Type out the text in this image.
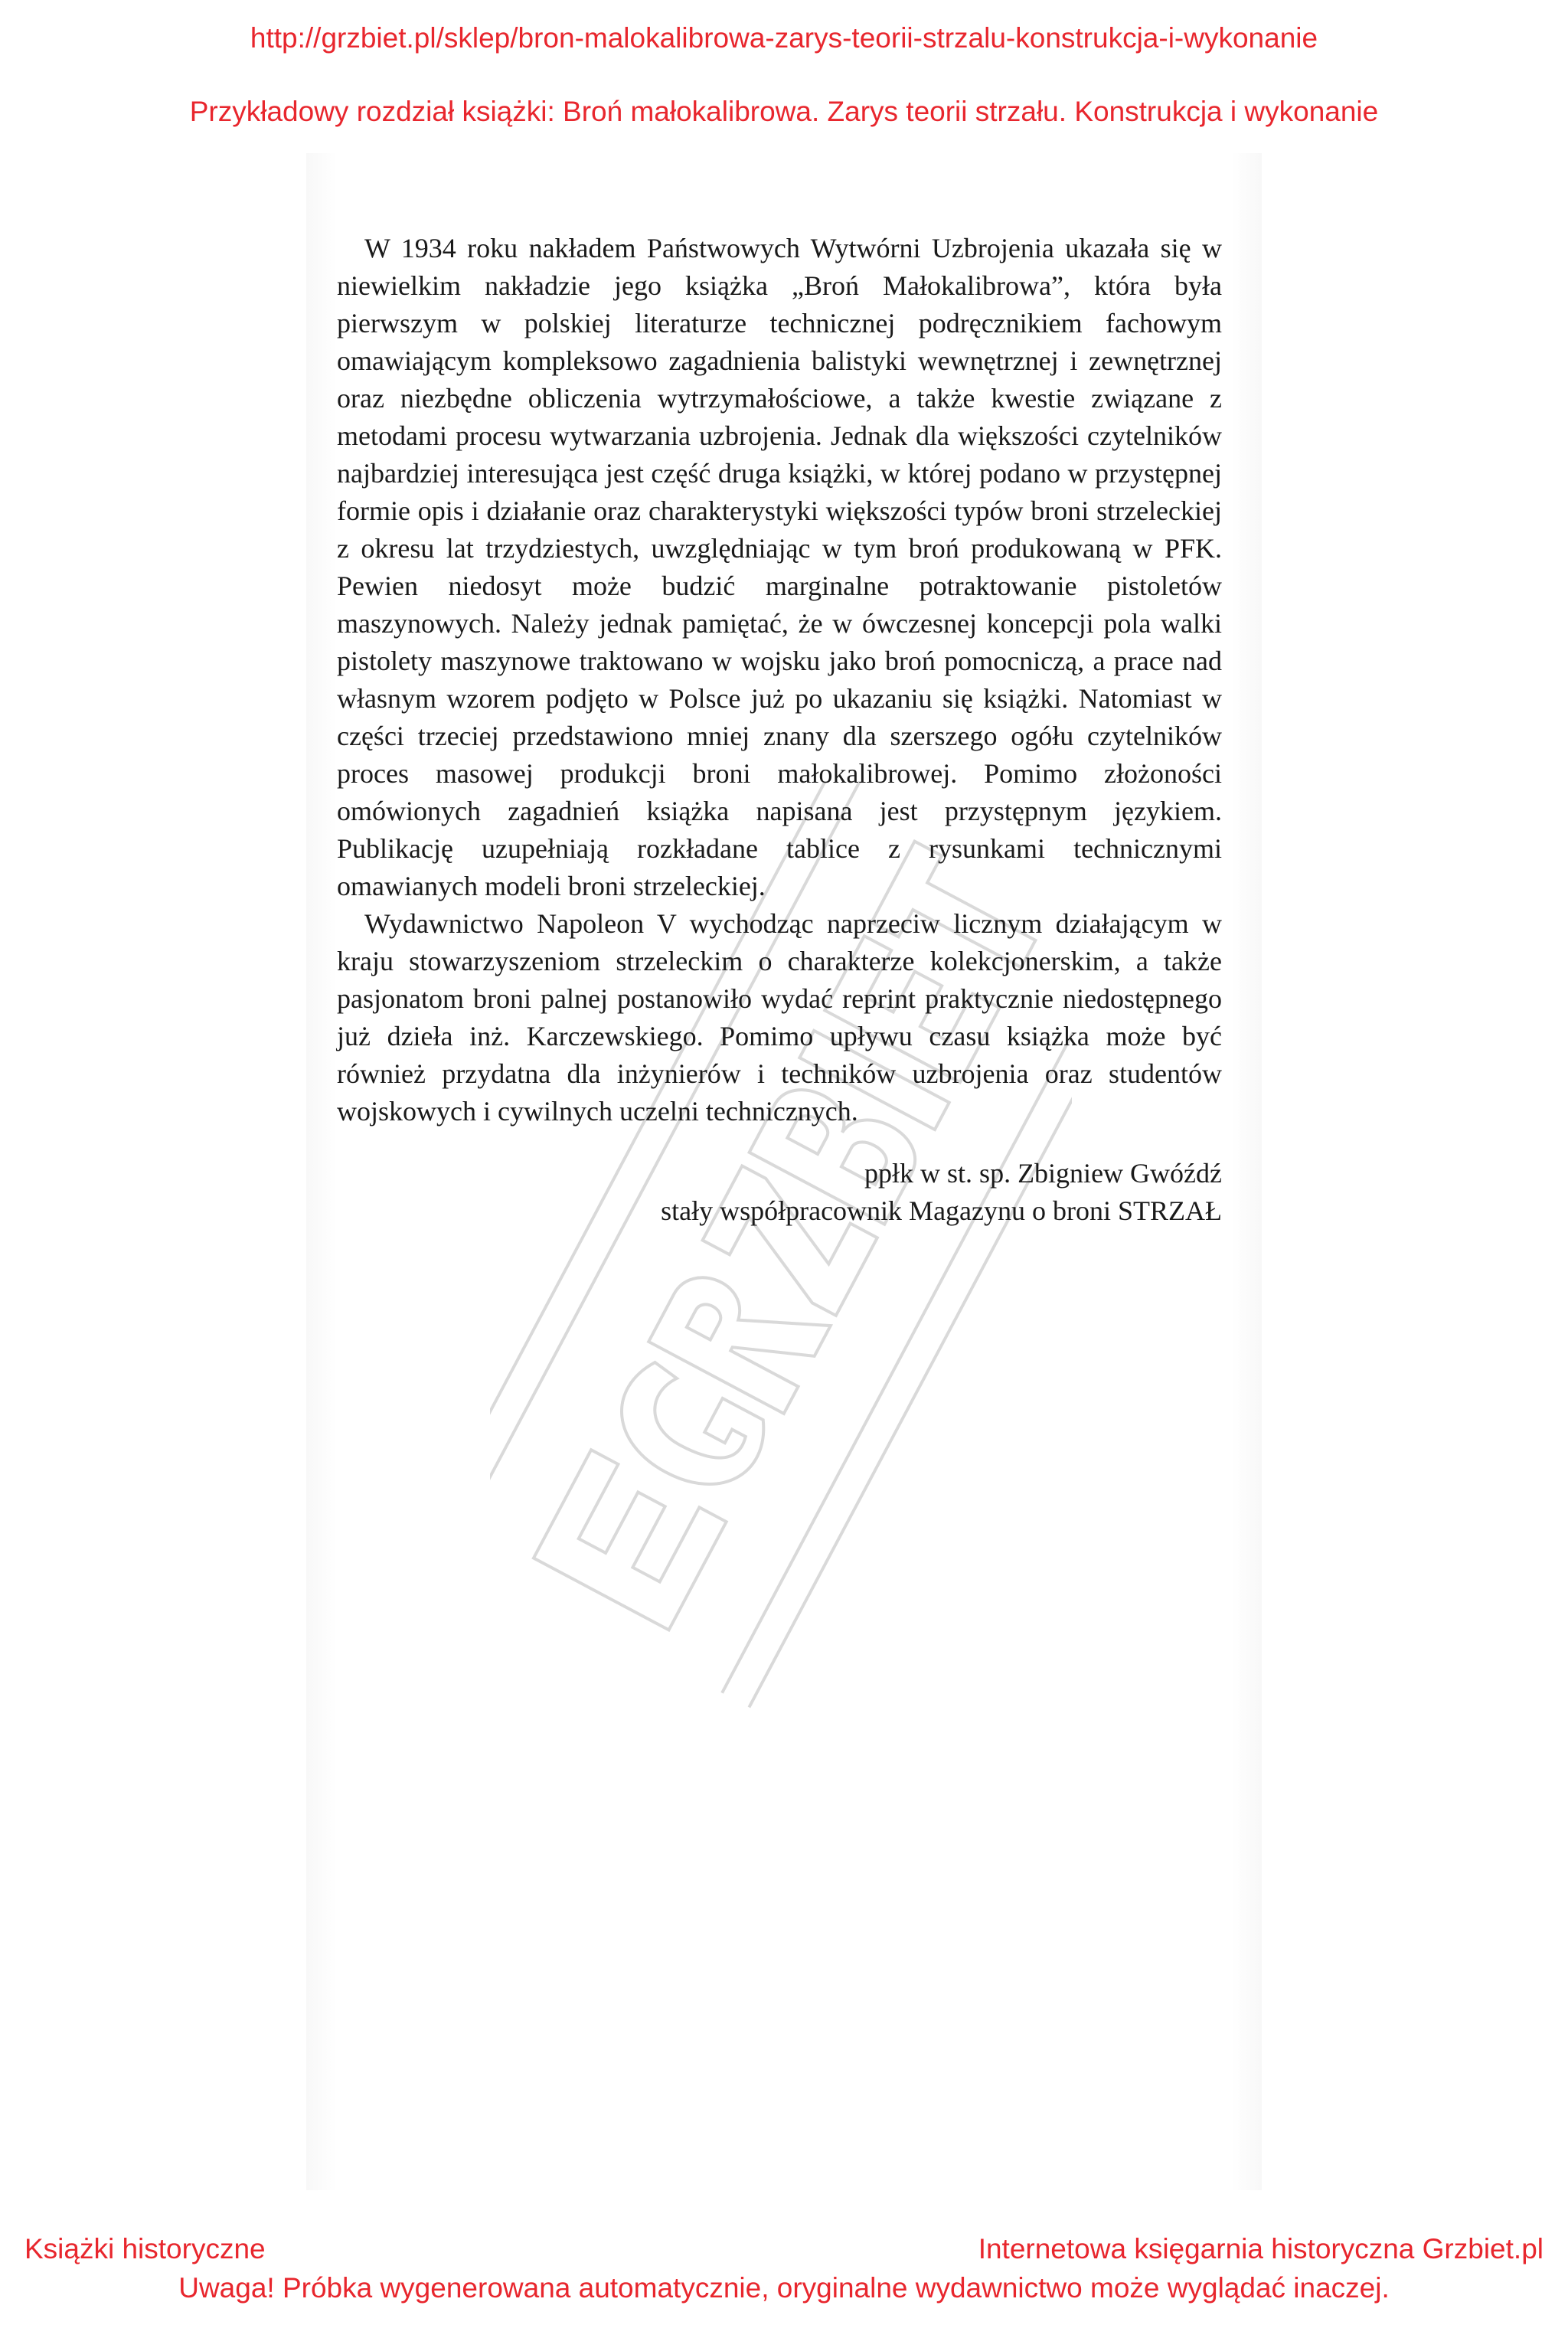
http://grzbiet.pl/sklep/bron-malokalibrowa-zarys-teorii-strzalu-konstrukcja-i-wykonanie
Przykładowy rozdział książki: Broń małokalibrowa. Zarys teorii strzału. Konstrukcja i wykonanie

W 1934 roku nakładem Państwowych Wytwórni Uzbrojenia ukazała się w niewielkim nakładzie jego książka „Broń Małokalibrowa”, która była pierwszym w polskiej literaturze technicznej podręcznikiem fachowym omawiającym kompleksowo zagadnienia balistyki wewnętrznej i zewnętrznej oraz niezbędne obliczenia wytrzymałościowe, a także kwestie związane z metodami procesu wytwarzania uzbrojenia. Jednak dla większości czytelników najbardziej interesująca jest część druga książki, w której podano w przystępnej formie opis i działanie oraz charakterystyki większości typów broni strzeleckiej z okresu lat trzydziestych, uwzględniając w tym broń produkowaną w PFK. Pewien niedosyt może budzić marginalne potraktowanie pistoletów maszynowych. Należy jednak pamiętać, że w ówczesnej koncepcji pola walki pistolety maszynowe traktowano w wojsku jako broń pomocniczą, a prace nad własnym wzorem podjęto w Polsce już po ukazaniu się książki. Natomiast w części trzeciej przedstawiono mniej znany dla szerszego ogółu czytelników proces masowej produkcji broni małokalibrowej. Pomimo złożoności omówionych zagadnień książka napisana jest przystępnym językiem. Publikację uzupełniają rozkładane tablice z rysunkami technicznymi omawianych modeli broni strzeleckiej.

Wydawnictwo Napoleon V wychodząc naprzeciw licznym działającym w kraju stowarzyszeniom strzeleckim o charakterze kolekcjonerskim, a także pasjonatom broni palnej postanowiło wydać reprint praktycznie niedostępnego już dzieła inż. Karczewskiego. Pomimo upływu czasu książka może być również przydatna dla inżynierów i techników uzbrojenia oraz studentów wojskowych i cywilnych uczelni technicznych.

ppłk w st. sp. Zbigniew Gwóźdź
stały współpracownik Magazynu o broni STRZAŁ
Książki historyczne	Internetowa księgarnia historyczna Grzbiet.pl
Uwaga! Próbka wygenerowana automatycznie, oryginalne wydawnictwo może wyglądać inaczej.
